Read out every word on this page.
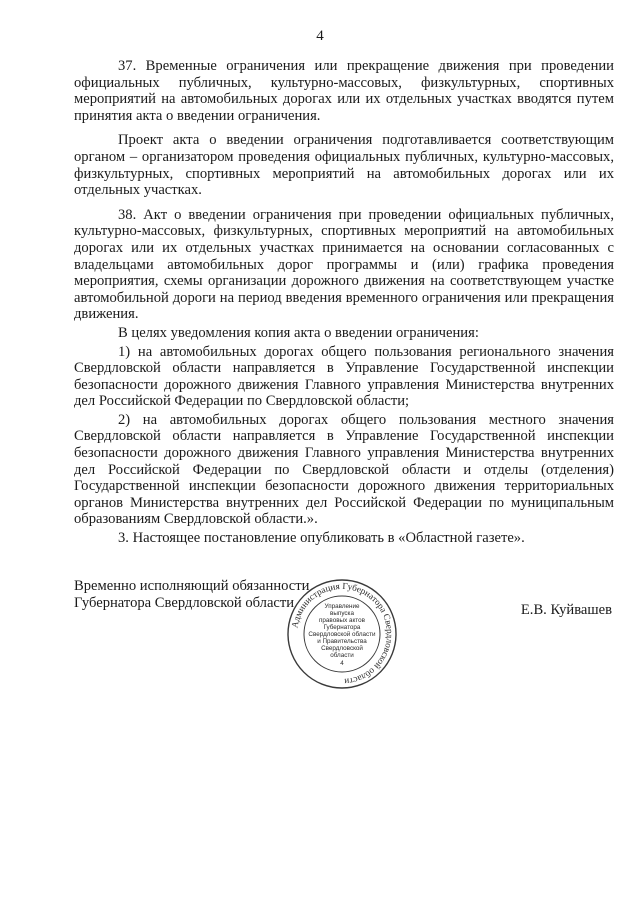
4

37. Временные ограничения или прекращение движения при проведении официальных публичных, культурно-массовых, физкультурных, спортивных мероприятий на автомобильных дорогах или их отдельных участках вводятся путем принятия акта о введении ограничения.

Проект акта о введении ограничения подготавливается соответствующим органом – организатором проведения официальных публичных, культурно-массовых, физкультурных, спортивных мероприятий на автомобильных дорогах или их отдельных участках.

38. Акт о введении ограничения при проведении официальных публичных, культурно-массовых, физкультурных, спортивных мероприятий на автомобильных дорогах или их отдельных участках принимается на основании согласованных с владельцами автомобильных дорог программы и (или) графика проведения мероприятия, схемы организации дорожного движения на соответствующем участке автомобильной дороги на период введения временного ограничения или прекращения движения.

В целях уведомления копия акта о введении ограничения:

1) на автомобильных дорогах общего пользования регионального значения Свердловской области направляется в Управление Государственной инспекции безопасности дорожного движения Главного управления Министерства внутренних дел Российской Федерации по Свердловской области;

2) на автомобильных дорогах общего пользования местного значения Свердловской области направляется в Управление Государственной инспекции безопасности дорожного движения Главного управления Министерства внутренних дел Российской Федерации по Свердловской области и отделы (отделения) Государственной инспекции безопасности дорожного движения территориальных органов Министерства внутренних дел Российской Федерации по муниципальным образованиям Свердловской области.».

3. Настоящее постановление опубликовать в «Областной газете».

Временно исполняющий обязанности
Губернатора Свердловской области	Е.В. Куйвашев
Администрация Губернатора Свердловской области
Управление
выпуска
правовых актов
Губернатора
Свердловской области
и Правительства
Свердловской
области
4
